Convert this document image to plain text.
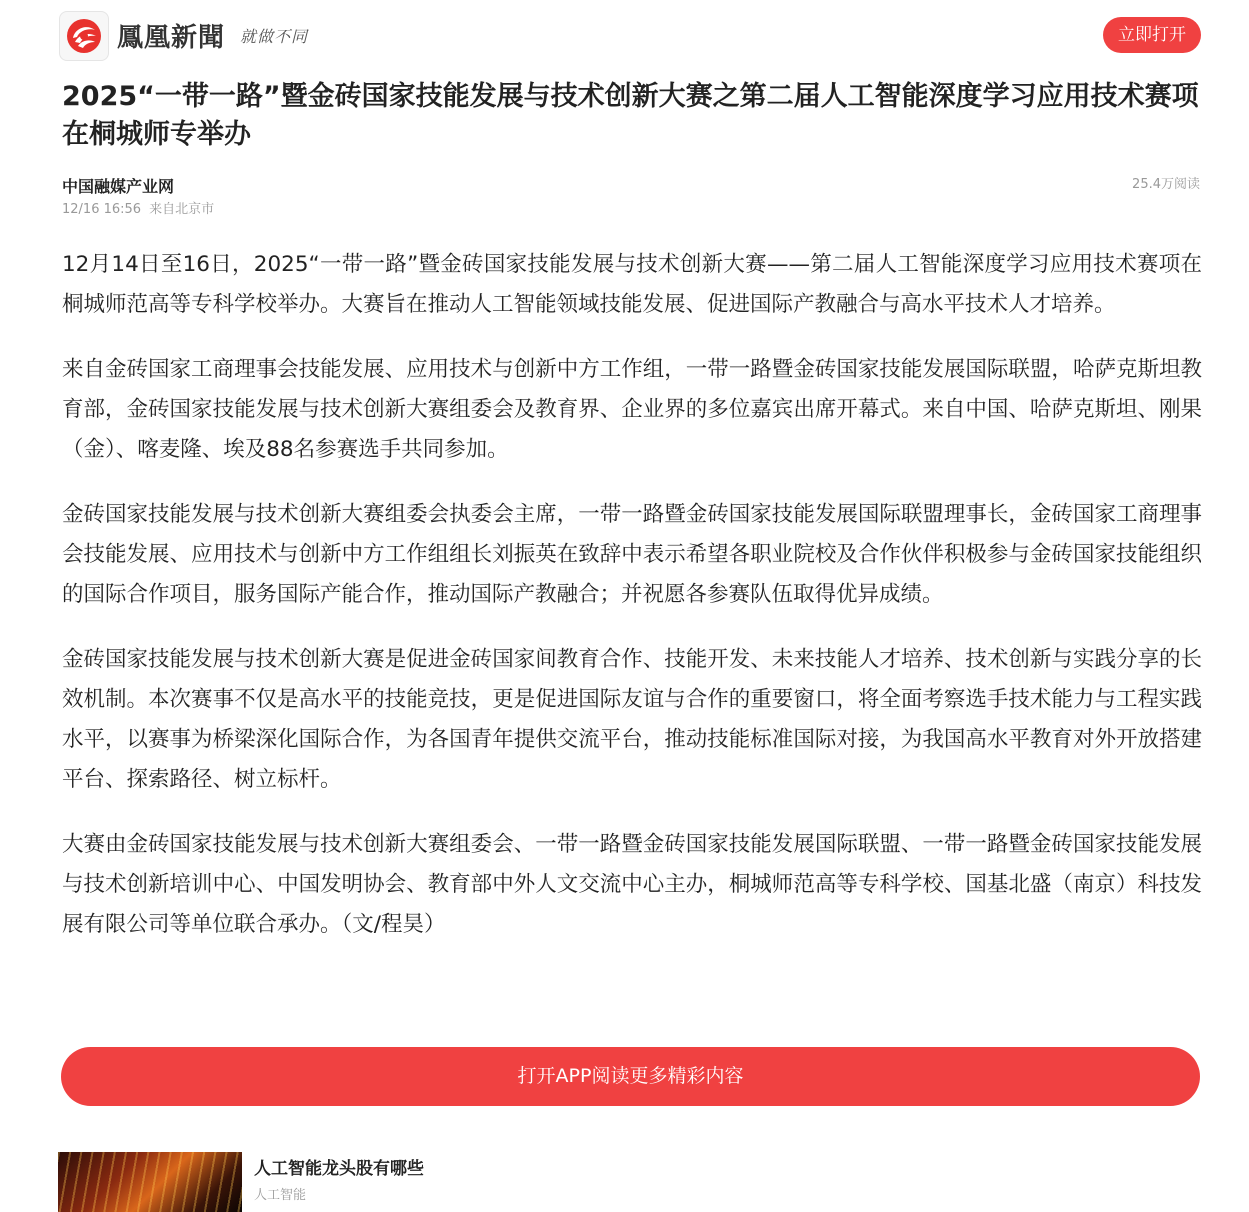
鳳凰新聞 就做不同	立即打开
2025“一带一路”暨金砖国家技能发展与技术创新大赛之第二届人工智能深度学习应用技术赛项在桐城师专举办
中国融媒产业网
12/16 16:56 来自北京市
25.4万阅读

12月14日至16日，2025“一带一路”暨金砖国家技能发展与技术创新大赛——第二届人工智能深度学习应用技术赛项在桐城师范高等专科学校举办。大赛旨在推动人工智能领域技能发展、促进国际产教融合与高水平技术人才培养。

来自金砖国家工商理事会技能发展、应用技术与创新中方工作组，一带一路暨金砖国家技能发展国际联盟，哈萨克斯坦教育部，金砖国家技能发展与技术创新大赛组委会及教育界、企业界的多位嘉宾出席开幕式。来自中国、哈萨克斯坦、刚果（金）、喀麦隆、埃及88名参赛选手共同参加。

金砖国家技能发展与技术创新大赛组委会执委会主席，一带一路暨金砖国家技能发展国际联盟理事长，金砖国家工商理事会技能发展、应用技术与创新中方工作组组长刘振英在致辞中表示希望各职业院校及合作伙伴积极参与金砖国家技能组织的国际合作项目，服务国际产能合作，推动国际产教融合；并祝愿各参赛队伍取得优异成绩。

金砖国家技能发展与技术创新大赛是促进金砖国家间教育合作、技能开发、未来技能人才培养、技术创新与实践分享的长效机制。本次赛事不仅是高水平的技能竞技，更是促进国际友谊与合作的重要窗口，将全面考察选手技术能力与工程实践水平，以赛事为桥梁深化国际合作，为各国青年提供交流平台，推动技能标准国际对接，为我国高水平教育对外开放搭建平台、探索路径、树立标杆。

大赛由金砖国家技能发展与技术创新大赛组委会、一带一路暨金砖国家技能发展国际联盟、一带一路暨金砖国家技能发展与技术创新培训中心、中国发明协会、教育部中外人文交流中心主办，桐城师范高等专科学校、国基北盛（南京）科技发展有限公司等单位联合承办。（文/程昊）

打开APP阅读更多精彩内容
人工智能龙头股有哪些
人工智能
